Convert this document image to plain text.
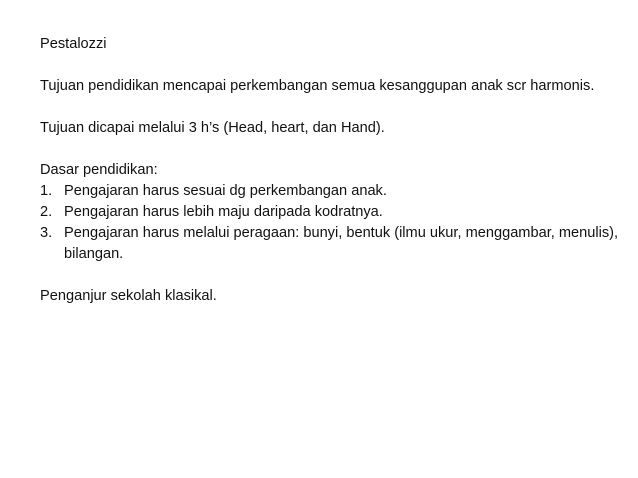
Pestalozzi

Tujuan pendidikan mencapai perkembangan semua kesanggupan anak scr harmonis.

Tujuan dicapai melalui 3 h’s (Head, heart, dan Hand).

Dasar pendidikan:

1. Pengajaran harus sesuai dg perkembangan anak.
2. Pengajaran harus lebih maju daripada kodratnya.
3. Pengajaran harus melalui peragaan: bunyi, bentuk (ilmu ukur, menggambar, menulis), bilangan.

Penganjur sekolah klasikal.
